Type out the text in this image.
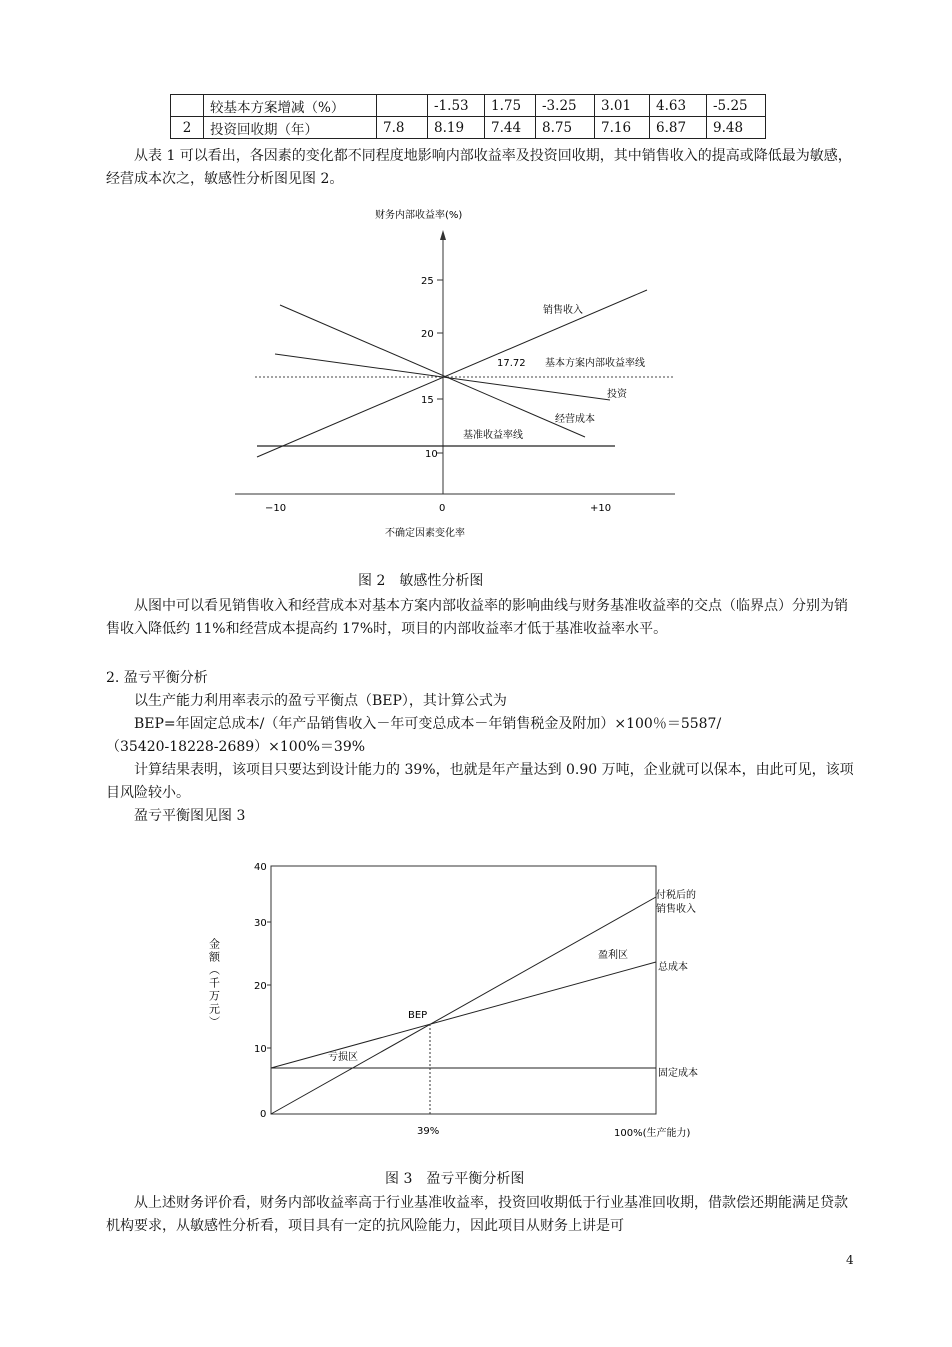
	较基本方案增减（%）		-1.53	1.75	-3.25	3.01	4.63	-5.25
2	投资回收期（年）	7.8	8.19	7.44	8.75	7.16	6.87	9.48

从表 1 可以看出，各因素的变化都不同程度地影响内部收益率及投资回收期，其中销售收入的提高或降低最为敏感，经营成本次之，敏感性分析图见图 2。

财务内部收益率(%)
25
20
15
10
−10	0	+10
不确定因素变化率
销售收入
17.72 基本方案内部收益率线
投资
经营成本
基准收益率线
图 2　敏感性分析图

从图中可以看见销售收入和经营成本对基本方案内部收益率的影响曲线与财务基准收益率的交点（临界点）分别为销售收入降低约 11%和经营成本提高约 17%时，项目的内部收益率才低于基准收益率水平。

2. 盈亏平衡分析
以生产能力利用率表示的盈亏平衡点（BEP），其计算公式为
BEP=年固定总成本/（年产品销售收入－年可变总成本－年销售税金及附加）×100％＝5587/
（35420-18228-2689）×100%＝39%

计算结果表明，该项目只要达到设计能力的 39%，也就是年产量达到 0.90 万吨，企业就可以保本，由此可见，该项目风险较小。

盈亏平衡图见图 3
金额（千万元）
40
30
20
10
0
BEP
盈利区
亏损区
付税后的
销售收入
总成本
固定成本
39%	100%(生产能力)
图 3　盈亏平衡分析图

从上述财务评价看，财务内部收益率高于行业基准收益率，投资回收期低于行业基准回收期，借款偿还期能满足贷款机构要求，从敏感性分析看，项目具有一定的抗风险能力，因此项目从财务上讲是可

4
